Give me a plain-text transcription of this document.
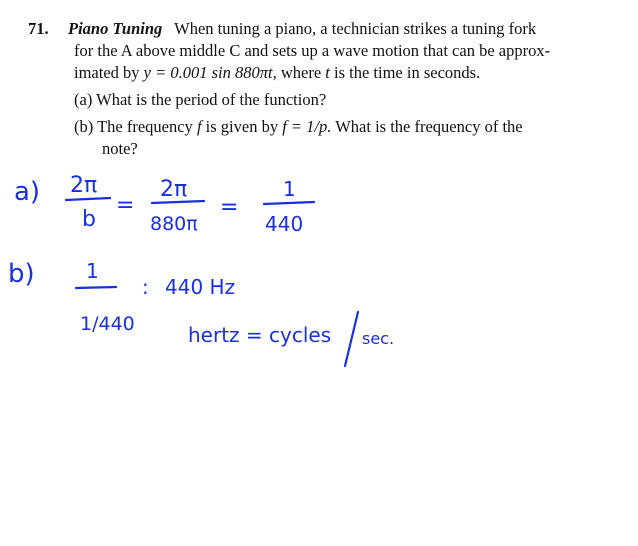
71. Piano Tuning When tuning a piano, a technician strikes a tuning fork
for the A above middle C and sets up a wave motion that can be approx-
imated by y = 0.001 sin 880πt, where t is the time in seconds.
(a) What is the period of the function?
(b) The frequency f is given by f = 1/p. What is the frequency of the
note?
a) 2π
b
=
2π
880π
=
1
440
b)	1
1/440
: 440 Hz
hertz = cycles sec.
